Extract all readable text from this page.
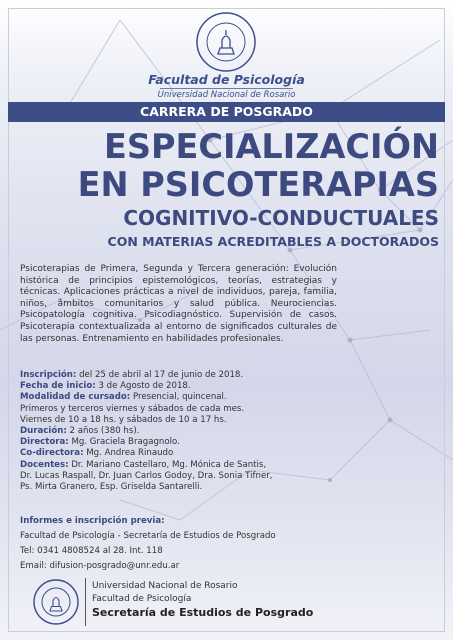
Facultad de Psicología
Universidad Nacional de Rosario
CARRERA DE POSGRADO
ESPECIALIZACIÓN
EN PSICOTERAPIAS
COGNITIVO-CONDUCTUALES
CON MATERIAS ACREDITABLES A DOCTORADOS
Psicoterapias de Primera, Segunda y Tercera generación: Evolución histórica de principios epistemológicos, teorías, estrategias y técnicas. Aplicaciones prácticas a nivel de individuos, pareja, familia, niños, ámbitos comunitarios y salud pública. Neurociencias. Psicopatología cognitiva. Psicodiagnóstico. Supervisión de casos. Psicoterapia contextualizada al entorno de significados culturales de las personas. Entrenamiento en habilidades profesionales.
Inscripción: del 25 de abril al 17 de junio de 2018.
Fecha de inicio: 3 de Agosto de 2018.
Modalidad de cursado: Presencial, quincenal.
Primeros y terceros viernes y sábados de cada mes.
Viernes de 10 a 18 hs. y sábados de 10 a 17 hs.
Duración: 2 años (380 hs).
Directora: Mg. Graciela Bragagnolo.
Co-directora: Mg. Andrea Rinaudo
Docentes: Dr. Mariano Castellaro, Mg. Mónica de Santis,
Dr. Lucas Raspall, Dr. Juan Carlos Godoy, Dra. Sonia Tifner,
Ps. Mirta Granero, Esp. Griselda Santarelli.
Informes e inscripción previa:
Facultad de Psicología - Secretaría de Estudios de Posgrado
Tel: 0341 4808524 al 28. Int. 118
Email: difusion-posgrado@unr.edu.ar
Universidad Nacional de Rosario
Facultad de Psicología
Secretaría de Estudios de Posgrado
